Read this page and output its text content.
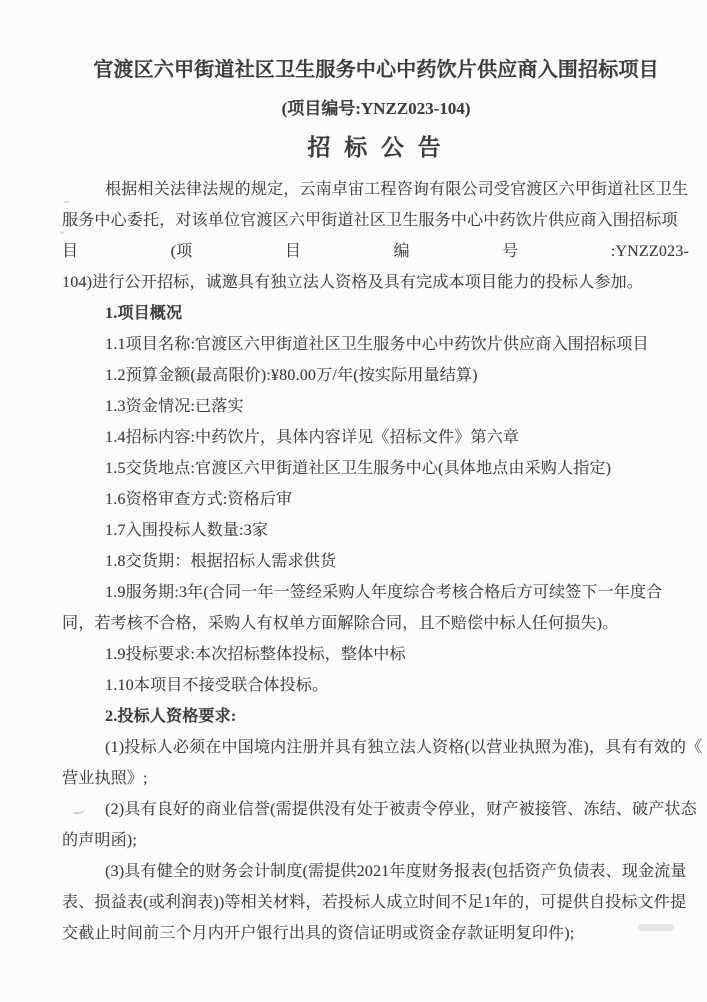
官渡区六甲街道社区卫生服务中心中药饮片供应商入围招标项目
(项目编号:YNZZ023-104)
招 标 公 告
根据相关法律法规的规定，云南卓宙工程咨询有限公司受官渡区六甲街道社区卫生
服务中心委托，对该单位官渡区六甲街道社区卫生服务中心中药饮片供应商入围招标项
目	(项	目	编	号	:YNZZ023-
104)进行公开招标，诚邀具有独立法人资格及具有完成本项目能力的投标人参加。
1.项目概况
1.1项目名称:官渡区六甲街道社区卫生服务中心中药饮片供应商入围招标项目
1.2预算金额(最高限价):¥80.00万/年(按实际用量结算)
1.3资金情况:已落实
1.4招标内容:中药饮片，具体内容详见《招标文件》第六章
1.5交货地点:官渡区六甲街道社区卫生服务中心(具体地点由采购人指定)
1.6资格审查方式:资格后审
1.7入围投标人数量:3家
1.8交货期：根据招标人需求供货
1.9服务期:3年(合同一年一签经采购人年度综合考核合格后方可续签下一年度合
同，若考核不合格，采购人有权单方面解除合同，且不赔偿中标人任何损失)。
1.9投标要求:本次招标整体投标，整体中标
1.10本项目不接受联合体投标。
2.投标人资格要求:
(1)投标人必须在中国境内注册并具有独立法人资格(以营业执照为准)，具有有效的《
营业执照》;
(2)具有良好的商业信誉(需提供没有处于被责令停业，财产被接管、冻结、破产状态
的声明函);
(3)具有健全的财务会计制度(需提供2021年度财务报表(包括资产负债表、现金流量
表、损益表(或利润表))等相关材料，若投标人成立时间不足1年的，可提供自投标文件提
交截止时间前三个月内开户银行出具的资信证明或资金存款证明复印件);
